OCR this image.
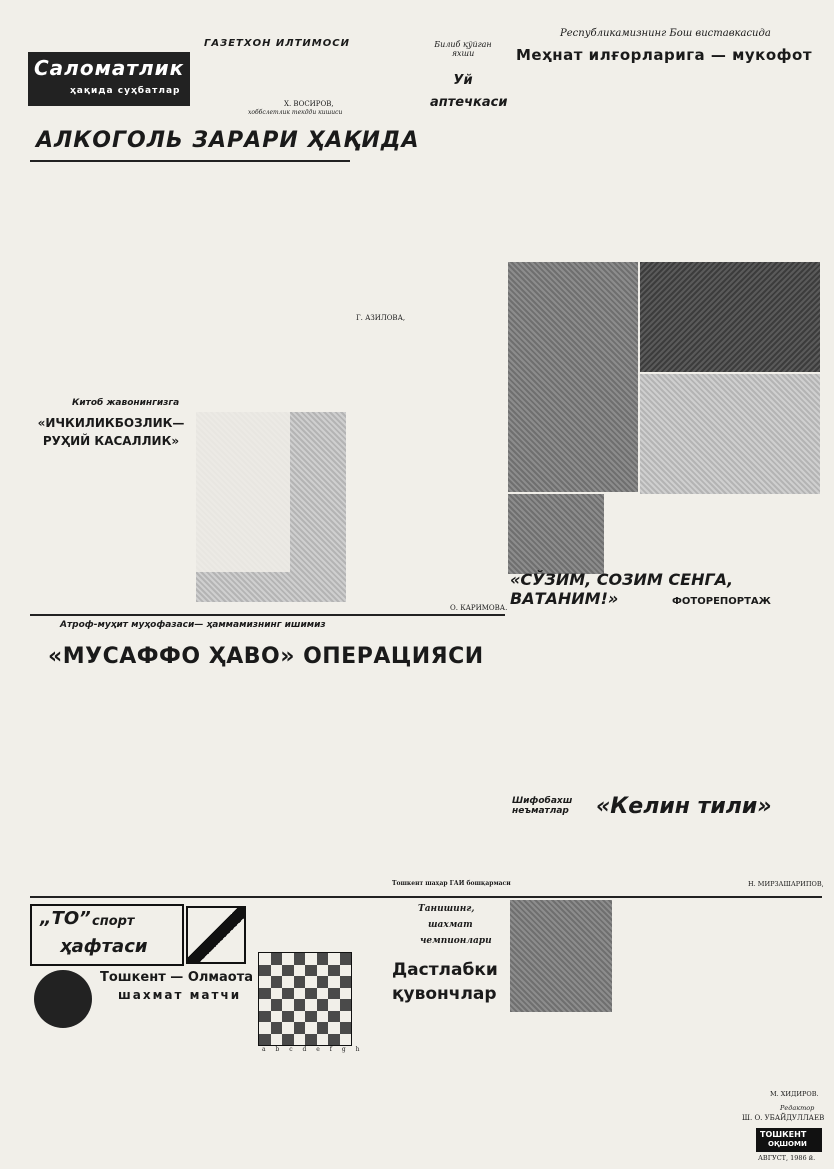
Саломатлик
ҳақида суҳбатлар
ГАЗЕТХОН ИЛТИМОСИ

Х. ВОСИРОВ,
хоббслетлик текдди кишиси
АЛКОГОЛЬ ЗАРАРИ ҲАҚИДА

Билиб қўйган яхши
Уй аптечкаси

Г. АЗИЛОВА,
Республикамизнинг Бош виставкасида
Меҳнат илғорларига — мукофот

О. КАРИМОВА.

Китоб жавонингизга
«ИЧКИЛИКБОЗЛИК—РУҲИЙ КАСАЛЛИК»
«СЎЗИМ, СОЗИМ СЕНГА, ВАТАНИМ!»	ФОТОРЕПОРТАЖ
Атроф-муҳит муҳофазаси— ҳаммамизнинг ишимиз
«МУСАФФО ҲАВО» ОПЕРАЦИЯСИ

Тошкент шаҳар ГАИ бошқармаси

Шифобахш неъматлар	«Келин тили»

Н. МИРЗАШАРИПОВ,
„ТО” спорт
ҳафтаси
Тошкент — Олмаота
шахмат матчи

a b c d e f g h

Танишинг,
шахмат
чемпионлари
Дастлабки қувончлар

М. ХИДИРОВ.
Редактор
Ш. О. УБАЙДУЛЛАЕВ
ТОШКЕНТ
ОҚШОМИ
АВГУСТ, 1986 й.
